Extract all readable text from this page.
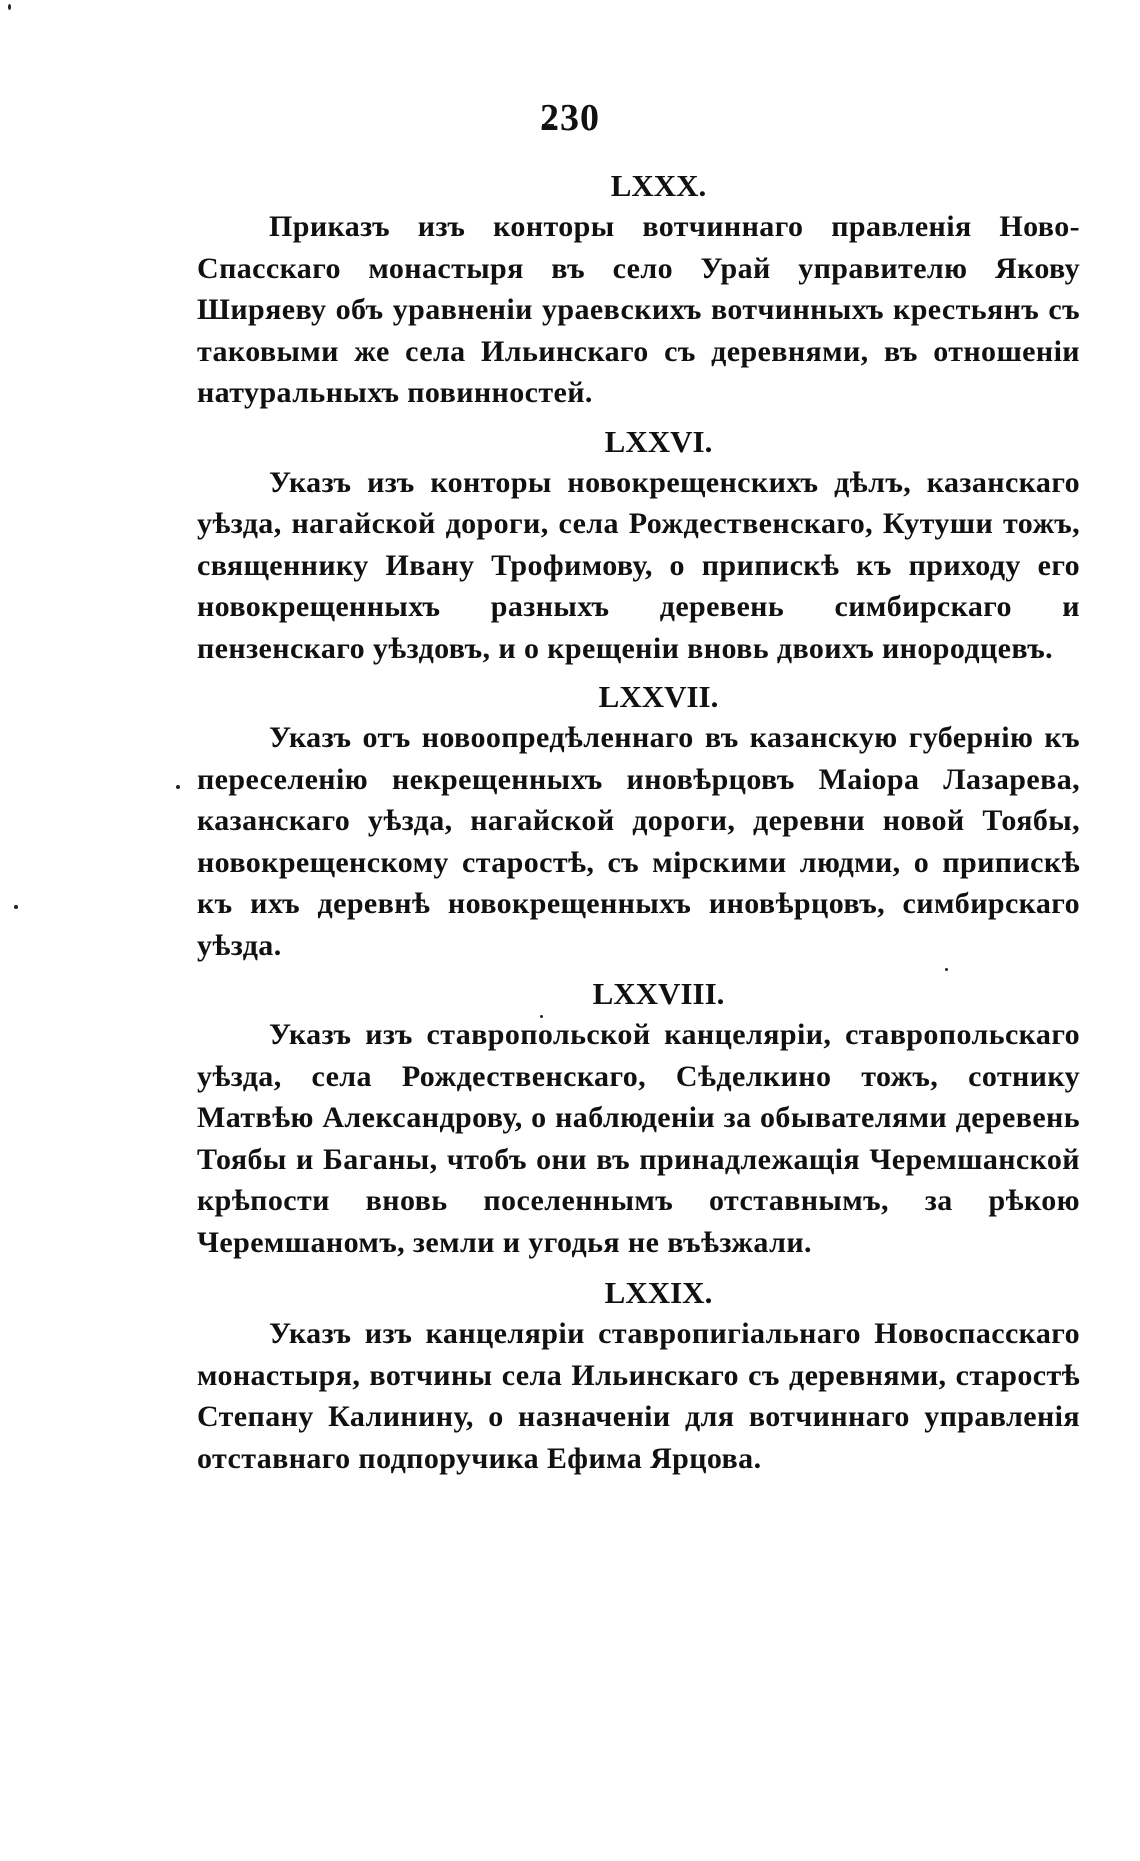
230

LXXX.

Приказъ изъ конторы вотчиннаго правленія Ново-Спасскаго монастыря въ село Урай управителю Якову Ширяеву объ уравненіи ураевскихъ вотчинныхъ крестьянъ съ таковыми же села Ильинскаго съ деревнями, въ отношеніи натуральныхъ повинностей.

LXXVI.

Указъ изъ конторы новокрещенскихъ дѣлъ, казанскаго уѣзда, нагайской дороги, села Рождественскаго, Кутуши тожъ, священнику Ивану Трофимову, о припискѣ къ приходу его новокрещенныхъ разныхъ деревень симбирскаго и пензенскаго уѣздовъ, и о крещеніи вновь двоихъ инородцевъ.

LXXVII.

Указъ отъ новоопредѣленнаго въ казанскую губернію къ переселенію некрещенныхъ иновѣрцовъ Маіора Лазарева, казанскаго уѣзда, нагайской дороги, деревни новой Тоябы, новокрещенскому старостѣ, съ мірскими людми, о припискѣ къ ихъ деревнѣ новокрещенныхъ иновѣрцовъ, симбирскаго уѣзда.

LXXVIII.

Указъ изъ ставропольской канцеляріи, ставропольскаго уѣзда, села Рождественскаго, Сѣделкино тожъ, сотнику Матвѣю Александрову, о наблюденіи за обывателями деревень Тоябы и Баганы, чтобъ они въ принадлежащія Черемшанской крѣпости вновь поселеннымъ отставнымъ, за рѣкою Черемшаномъ, земли и угодья не въѣзжали.

LXXIX.

Указъ изъ канцеляріи ставропигіальнаго Новоспасскаго монастыря, вотчины села Ильинскаго съ деревнями, старостѣ Степану Калинину, о назначеніи для вотчиннаго управленія отставнаго подпоручика Ефима Ярцова.
